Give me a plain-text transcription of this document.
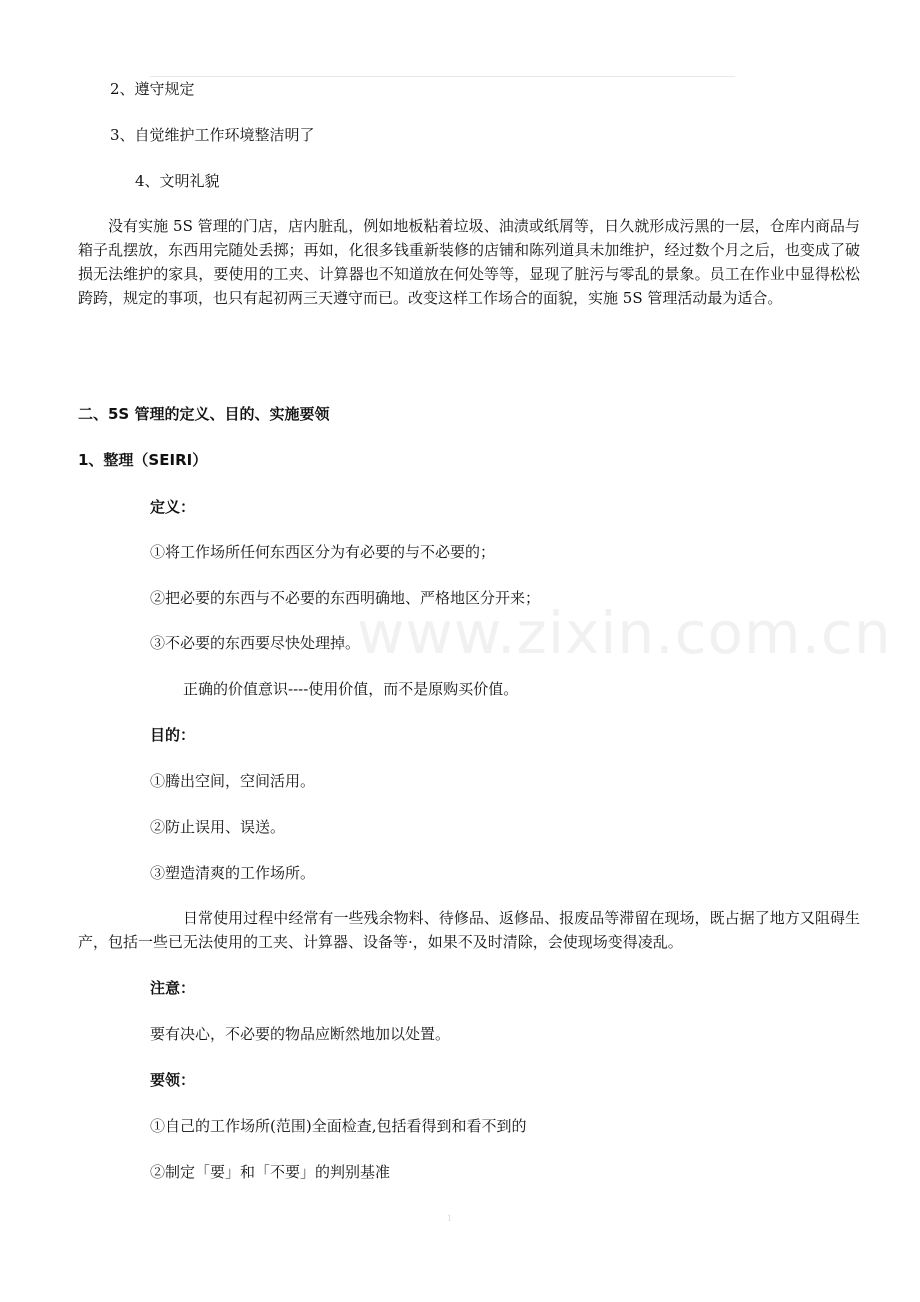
2、遵守规定
3、自觉维护工作环境整洁明了
4、文明礼貌

没有实施 5S 管理的门店，店内脏乱，例如地板粘着垃圾、油渍或纸屑等，日久就形成污黑的一层，仓库内商品与箱子乱摆放，东西用完随处丢掷；再如，化很多钱重新装修的店铺和陈列道具未加维护，经过数个月之后，也变成了破损无法维护的家具，要使用的工夹、计算器也不知道放在何处等等，显现了脏污与零乱的景象。员工在作业中显得松松跨跨，规定的事项，也只有起初两三天遵守而已。改变这样工作场合的面貌，实施 5S 管理活动最为适合。

二、5S 管理的定义、目的、实施要领
1、整理（SEIRI）
定义：
①将工作场所任何东西区分为有必要的与不必要的；
②把必要的东西与不必要的东西明确地、严格地区分开来；
③不必要的东西要尽快处理掉。
正确的价值意识----使用价值，而不是原购买价值。
目的：
①腾出空间，空间活用。
②防止误用、误送。
③塑造清爽的工作场所。

日常使用过程中经常有一些残余物料、待修品、返修品、报废品等滞留在现场，既占据了地方又阻碍生产，包括一些已无法使用的工夹、计算器、设备等·，如果不及时清除，会使现场变得凌乱。

注意：
要有决心，不必要的物品应断然地加以处置。
要领：
①自己的工作场所(范围)全面检查,包括看得到和看不到的
②制定「要」和「不要」的判别基准
www.zixin.com.cn
1
